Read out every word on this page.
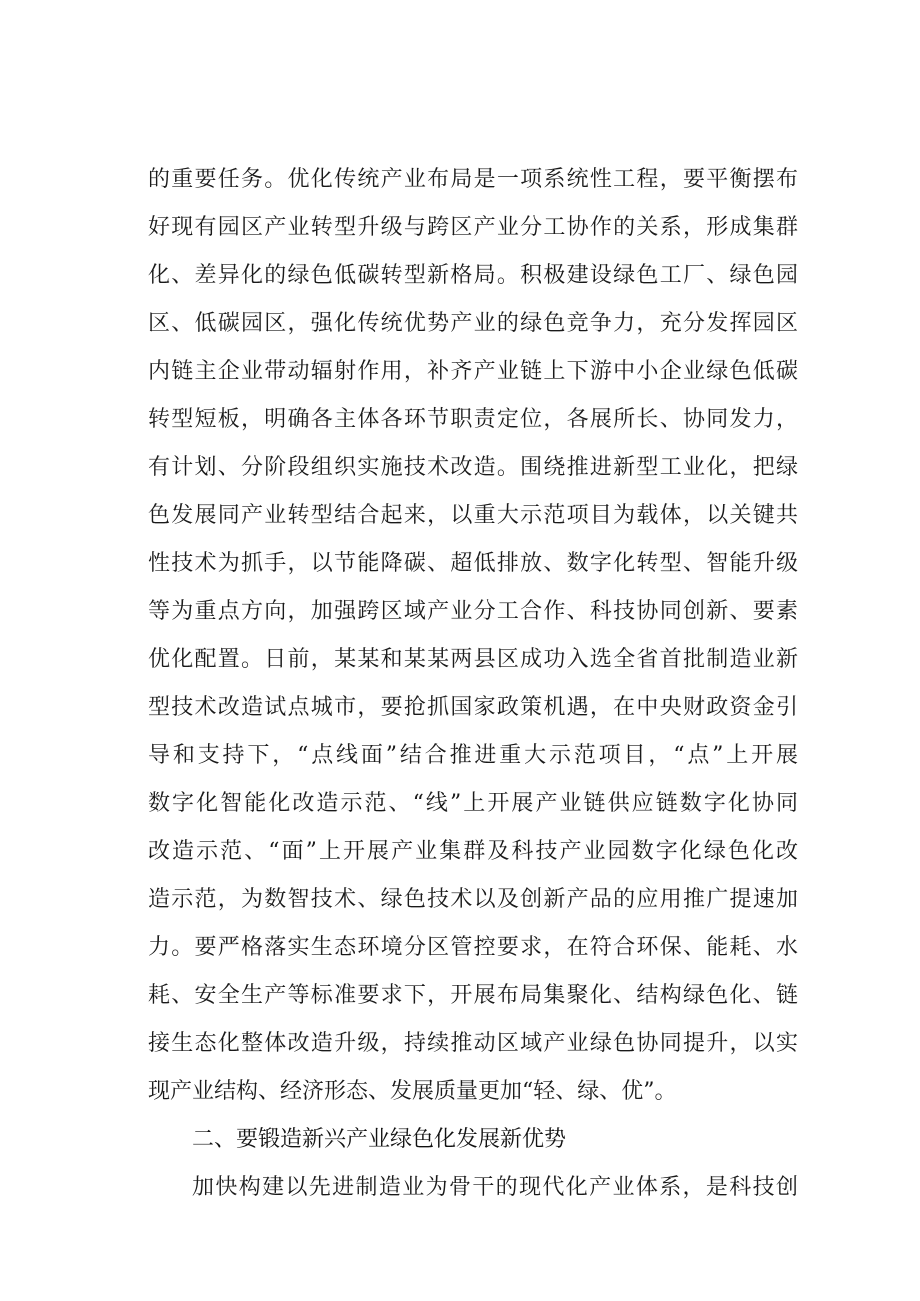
的重要任务。优化传统产业布局是一项系统性工程，要平衡摆布
好现有园区产业转型升级与跨区产业分工协作的关系，形成集群
化、差异化的绿色低碳转型新格局。积极建设绿色工厂、绿色园
区、低碳园区，强化传统优势产业的绿色竞争力，充分发挥园区
内链主企业带动辐射作用，补齐产业链上下游中小企业绿色低碳
转型短板，明确各主体各环节职责定位，各展所长、协同发力，
有计划、分阶段组织实施技术改造。围绕推进新型工业化，把绿
色发展同产业转型结合起来，以重大示范项目为载体，以关键共
性技术为抓手，以节能降碳、超低排放、数字化转型、智能升级
等为重点方向，加强跨区域产业分工合作、科技协同创新、要素
优化配置。日前，某某和某某两县区成功入选全省首批制造业新
型技术改造试点城市，要抢抓国家政策机遇，在中央财政资金引
导和支持下，“点线面”结合推进重大示范项目，“点”上开展
数字化智能化改造示范、“线”上开展产业链供应链数字化协同
改造示范、“面”上开展产业集群及科技产业园数字化绿色化改
造示范，为数智技术、绿色技术以及创新产品的应用推广提速加
力。要严格落实生态环境分区管控要求，在符合环保、能耗、水
耗、安全生产等标准要求下，开展布局集聚化、结构绿色化、链
接生态化整体改造升级，持续推动区域产业绿色协同提升，以实
现产业结构、经济形态、发展质量更加“轻、绿、优”。
二、要锻造新兴产业绿色化发展新优势
加快构建以先进制造业为骨干的现代化产业体系，是科技创
